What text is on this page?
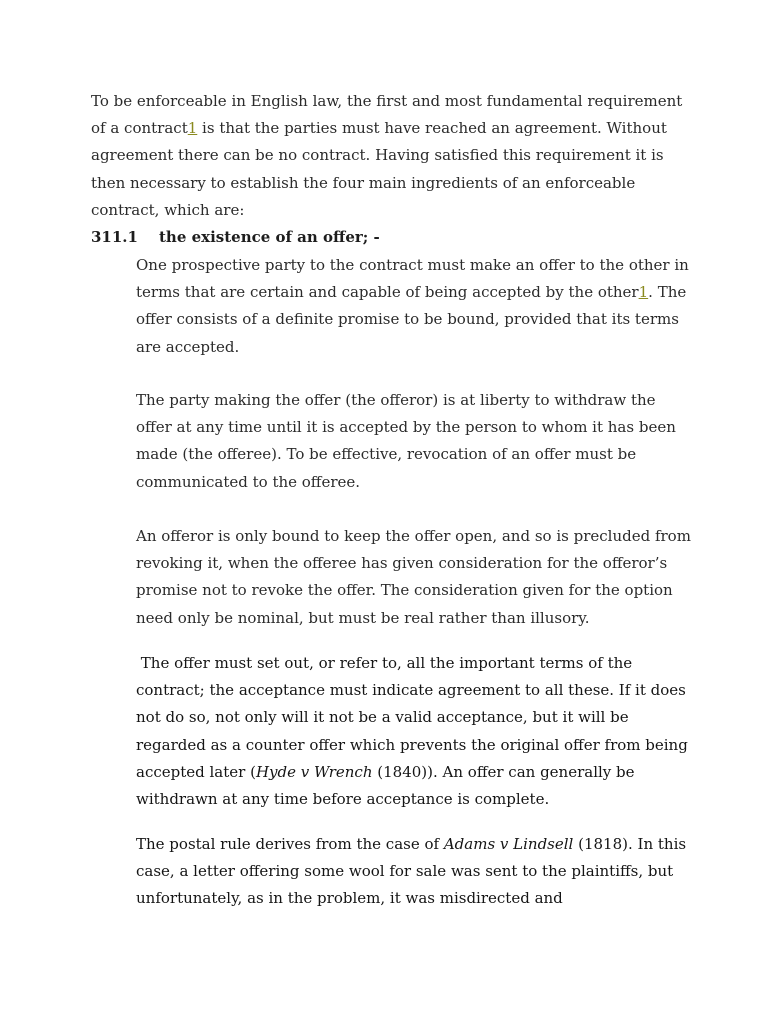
To be enforceable in English law, the first and most fundamental requirement of a contract1 is that the parties must have reached an agreement. Without agreement there can be no contract. Having satisfied this requirement it is then necessary to establish the four main ingredients of an enforceable contract, which are:

311.1 the existence of an offer; -

One prospective party to the contract must make an offer to the other in terms that are certain and capable of being accepted by the other1. The offer consists of a definite promise to be bound, provided that its terms are accepted.

The party making the offer (the offeror) is at liberty to withdraw the offer at any time until it is accepted by the person to whom it has been made (the offeree). To be effective, revocation of an offer must be communicated to the offeree.

An offeror is only bound to keep the offer open, and so is precluded from revoking it, when the offeree has given consideration for the offeror’s promise not to revoke the offer. The consideration given for the option need only be nominal, but must be real rather than illusory.

The offer must set out, or refer to, all the important terms of the contract; the acceptance must indicate agreement to all these. If it does not do so, not only will it not be a valid acceptance, but it will be regarded as a counter offer which prevents the original offer from being accepted later (Hyde v Wrench (1840)). An offer can generally be withdrawn at any time before acceptance is complete.

The postal rule derives from the case of Adams v Lindsell (1818). In this case, a letter offering some wool for sale was sent to the plaintiffs, but unfortunately, as in the problem, it was misdirected and
